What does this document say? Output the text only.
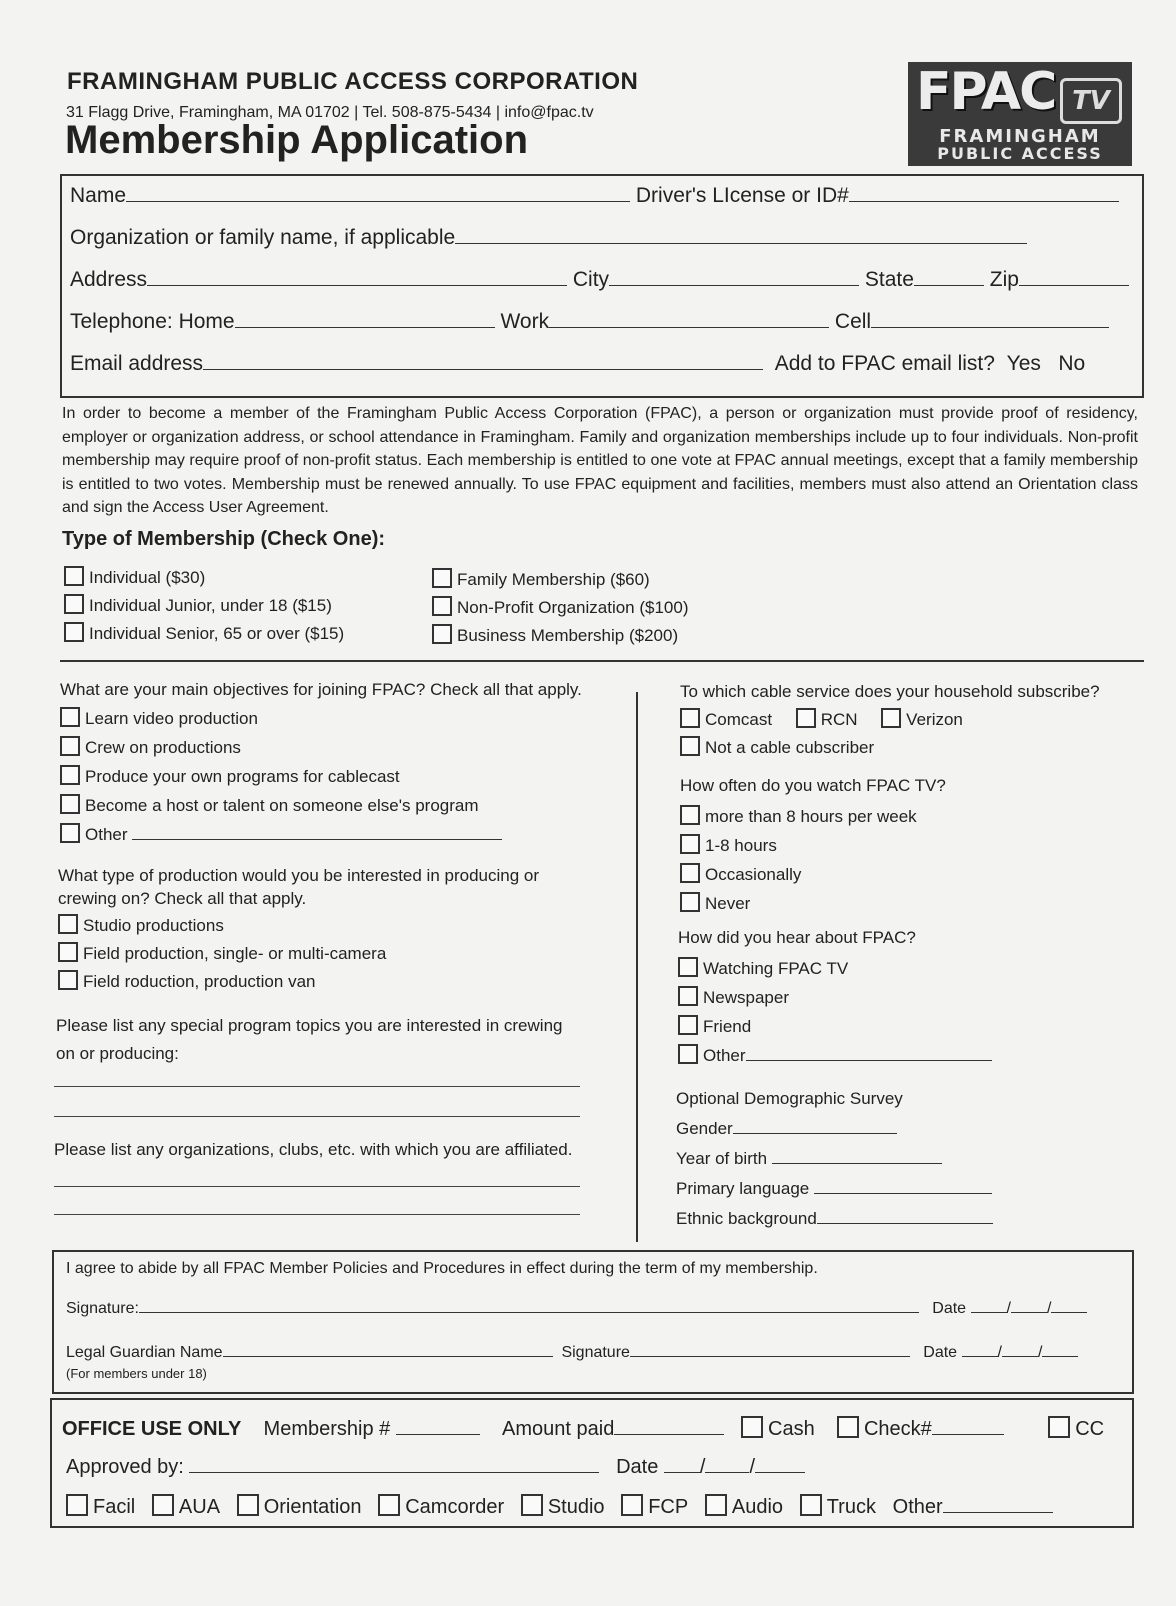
FRAMINGHAM PUBLIC ACCESS CORPORATION
31 Flagg Drive, Framingham, MA 01702 | Tel. 508-875-5434 | info@fpac.tv
Membership Application
FPAC TV
FRAMINGHAM
PUBLIC ACCESS
Name	Driver's LIcense or ID#
Organization or family name, if applicable
Address	City	State	Zip
Telephone: Home	Work	Cell
Email address	Add to FPAC email list? Yes No
In order to become a member of the Framingham Public Access Corporation (FPAC), a person or organization must provide proof of residency, employer or organization address, or school attendance in Framingham. Family and organization memberships include up to four individuals. Non-profit membership may require proof of non-profit status. Each membership is entitled to one vote at FPAC annual meetings, except that a family membership is entitled to two votes. Membership must be renewed annually. To use FPAC equipment and facilities, members must also attend an Orientation class and sign the Access User Agreement.
Type of Membership (Check One):
Individual ($30)
Individual Junior, under 18 ($15)
Individual Senior, 65 or over ($15)
Family Membership ($60)
Non-Profit Organization ($100)
Business Membership ($200)
What are your main objectives for joining FPAC? Check all that apply.
Learn video production
Crew on productions
Produce your own programs for cablecast
Become a host or talent on someone else's program
Other
What type of production would you be interested in producing or
crewing on? Check all that apply.
Studio productions
Field production, single- or multi-camera
Field roduction, production van
Please list any special program topics you are interested in crewing
on or producing:
Please list any organizations, clubs, etc. with which you are affiliated.
To which cable service does your household subscribe?
Comcast	RCN	Verizon
Not a cable cubscriber
How often do you watch FPAC TV?
more than 8 hours per week
1-8 hours
Occasionally
Never
How did you hear about FPAC?
Watching FPAC TV
Newspaper
Friend
Other
Optional Demographic Survey
Gender
Year of birth
Primary language
Ethnic background
I agree to abide by all FPAC Member Policies and Procedures in effect during the term of my membership.
Signature:	Date	/ /
Legal Guardian Name	Signature	Date	/ /
(For members under 18)
OFFICE USE ONLY Membership #	Amount paid	Cash Check#	CC
Approved by:	Date / /
Facil AUA Orientation Camcorder Studio FCP Audio Truck Other
